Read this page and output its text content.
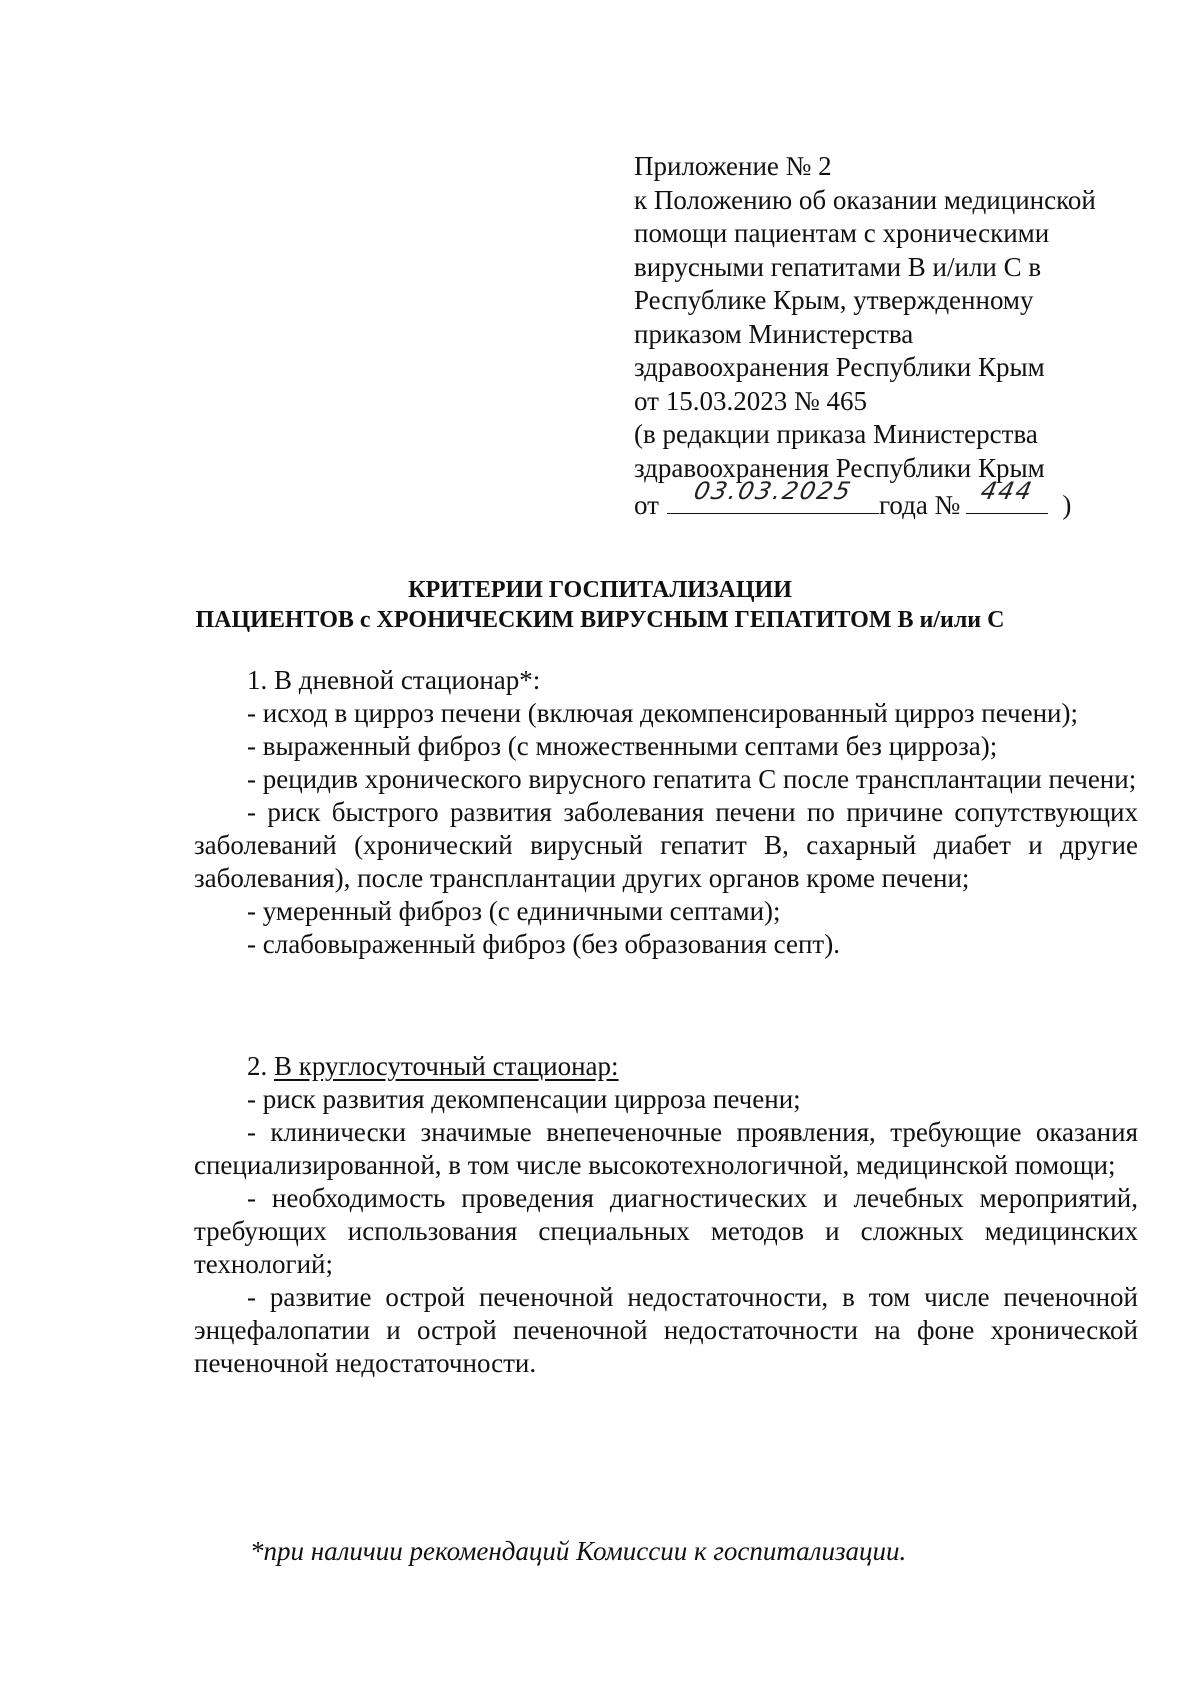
Приложение № 2
к Положению об оказании медицинской
помощи пациентам с хроническими
вирусными гепатитами В и/или С в
Республике Крым, утвержденному
приказом Министерства
здравоохранения Республики Крым
от 15.03.2023 № 465
(в редакции приказа Министерства
здравоохранения Республики Крым
от	03.03.2025 года № 444 )
КРИТЕРИИ ГОСПИТАЛИЗАЦИИ
ПАЦИЕНТОВ с ХРОНИЧЕСКИМ ВИРУСНЫМ ГЕПАТИТОМ В и/или С
1. В дневной стационар*:
- исход в цирроз печени (включая декомпенсированный цирроз печени);
- выраженный фиброз (с множественными септами без цирроза);
- рецидив хронического вирусного гепатита С после трансплантации печени;
- риск быстрого развития заболевания печени по причине сопутствующих заболеваний (хронический вирусный гепатит В, сахарный диабет и другие заболевания), после трансплантации других органов кроме печени;
- умеренный фиброз (с единичными септами);
- слабовыраженный фиброз (без образования септ).
2. В круглосуточный стационар:
- риск развития декомпенсации цирроза печени;
- клинически значимые внепеченочные проявления, требующие оказания специализированной, в том числе высокотехнологичной, медицинской помощи;
- необходимость проведения диагностических и лечебных мероприятий, требующих использования специальных методов и сложных медицинских технологий;
- развитие острой печеночной недостаточности, в том числе печеночной энцефалопатии и острой печеночной недостаточности на фоне хронической печеночной недостаточности.
*при наличии рекомендаций Комиссии к госпитализации.
